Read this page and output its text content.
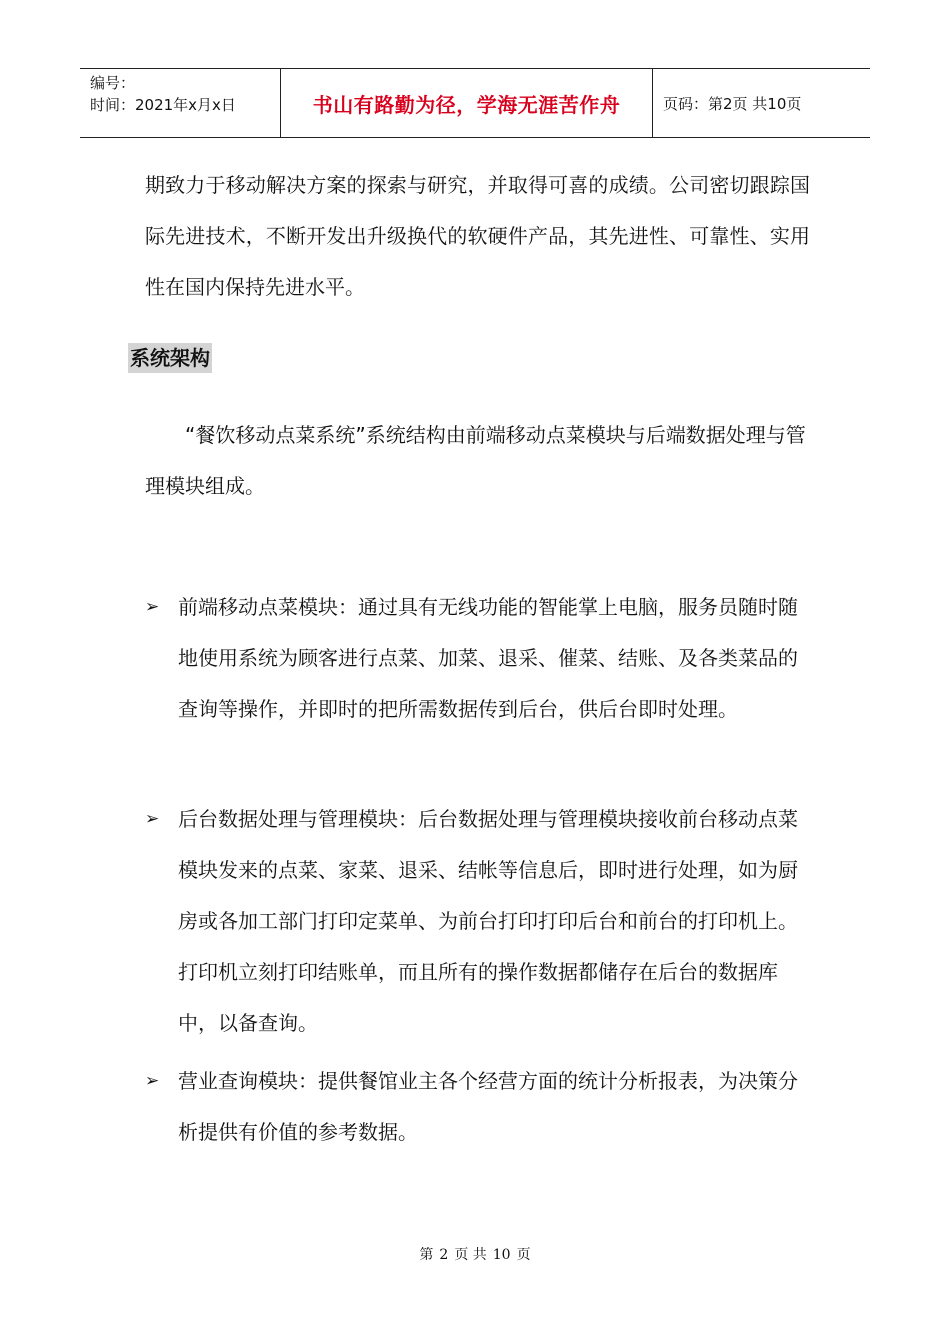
编号：
时间：2021年x月x日	书山有路勤为径，学海无涯苦作舟	页码：第2页 共10页

期致力于移动解决方案的探索与研究，并取得可喜的成绩。公司密切跟踪国际先进技术，不断开发出升级换代的软硬件产品，其先进性、可靠性、实用性在国内保持先进水平。

系统架构

“餐饮移动点菜系统”系统结构由前端移动点菜模块与后端数据处理与管理模块组成。

➢ 前端移动点菜模块：通过具有无线功能的智能掌上电脑，服务员随时随地使用系统为顾客进行点菜、加菜、退采、催菜、结账、及各类菜品的查询等操作，并即时的把所需数据传到后台，供后台即时处理。
➢ 后台数据处理与管理模块：后台数据处理与管理模块接收前台移动点菜模块发来的点菜、家菜、退采、结帐等信息后，即时进行处理，如为厨房或各加工部门打印定菜单、为前台打印打印后台和前台的打印机上。打印机立刻打印结账单，而且所有的操作数据都储存在后台的数据库中，以备查询。
➢ 营业查询模块：提供餐馆业主各个经营方面的统计分析报表，为决策分析提供有价值的参考数据。
第 2 页 共 10 页
